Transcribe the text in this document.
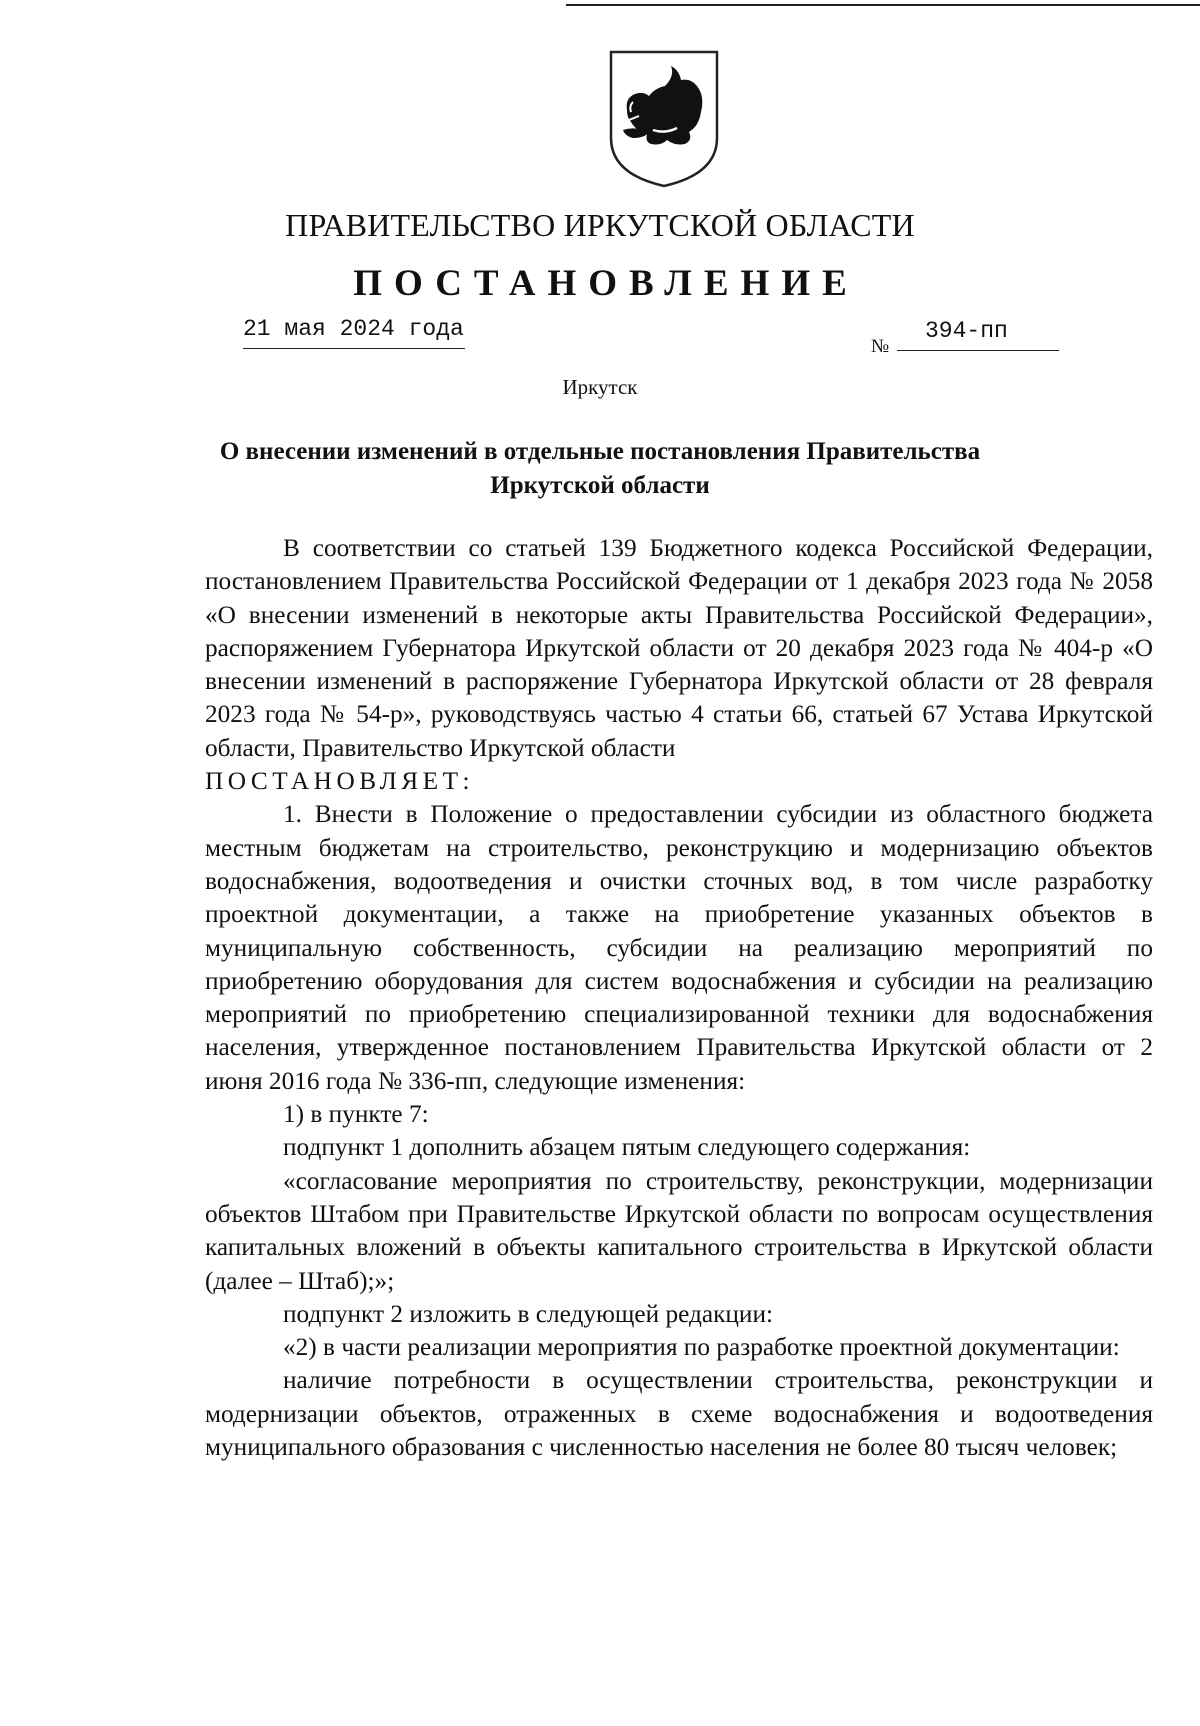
ПРАВИТЕЛЬСТВО ИРКУТСКОЙ ОБЛАСТИ
ПОСТАНОВЛЕНИЕ
21 мая 2024 года
№
394-пп
Иркутск
О внесении изменений в отдельные постановления Правительства Иркутской области

В соответствии со статьей 139 Бюджетного кодекса Российской Федерации, постановлением Правительства Российской Федерации от 1 декабря 2023 года № 2058 «О внесении изменений в некоторые акты Правительства Российской Федерации», распоряжением Губернатора Иркутской области от 20 декабря 2023 года № 404-р «О внесении изменений в распоряжение Губернатора Иркутской области от 28 февраля 2023 года № 54-р», руководствуясь частью 4 статьи 66, статьей 67 Устава Иркутской области, Правительство Иркутской области

ПОСТАНОВЛЯЕТ:

1. Внести в Положение о предоставлении субсидии из областного бюджета местным бюджетам на строительство, реконструкцию и модернизацию объектов водоснабжения, водоотведения и очистки сточных вод, в том числе разработку проектной документации, а также на приобретение указанных объектов в муниципальную собственность, субсидии на реализацию мероприятий по приобретению оборудования для систем водоснабжения и субсидии на реализацию мероприятий по приобретению специализированной техники для водоснабжения населения, утвержденное постановлением Правительства Иркутской области от 2 июня 2016 года № 336-пп, следующие изменения:

1) в пункте 7:

подпункт 1 дополнить абзацем пятым следующего содержания:

«согласование мероприятия по строительству, реконструкции, модернизации объектов Штабом при Правительстве Иркутской области по вопросам осуществления капитальных вложений в объекты капитального строительства в Иркутской области (далее – Штаб);»;

подпункт 2 изложить в следующей редакции:

«2) в части реализации мероприятия по разработке проектной документации:

наличие потребности в осуществлении строительства, реконструкции и модернизации объектов, отраженных в схеме водоснабжения и водоотведения муниципального образования с численностью населения не более 80 тысяч человек;
